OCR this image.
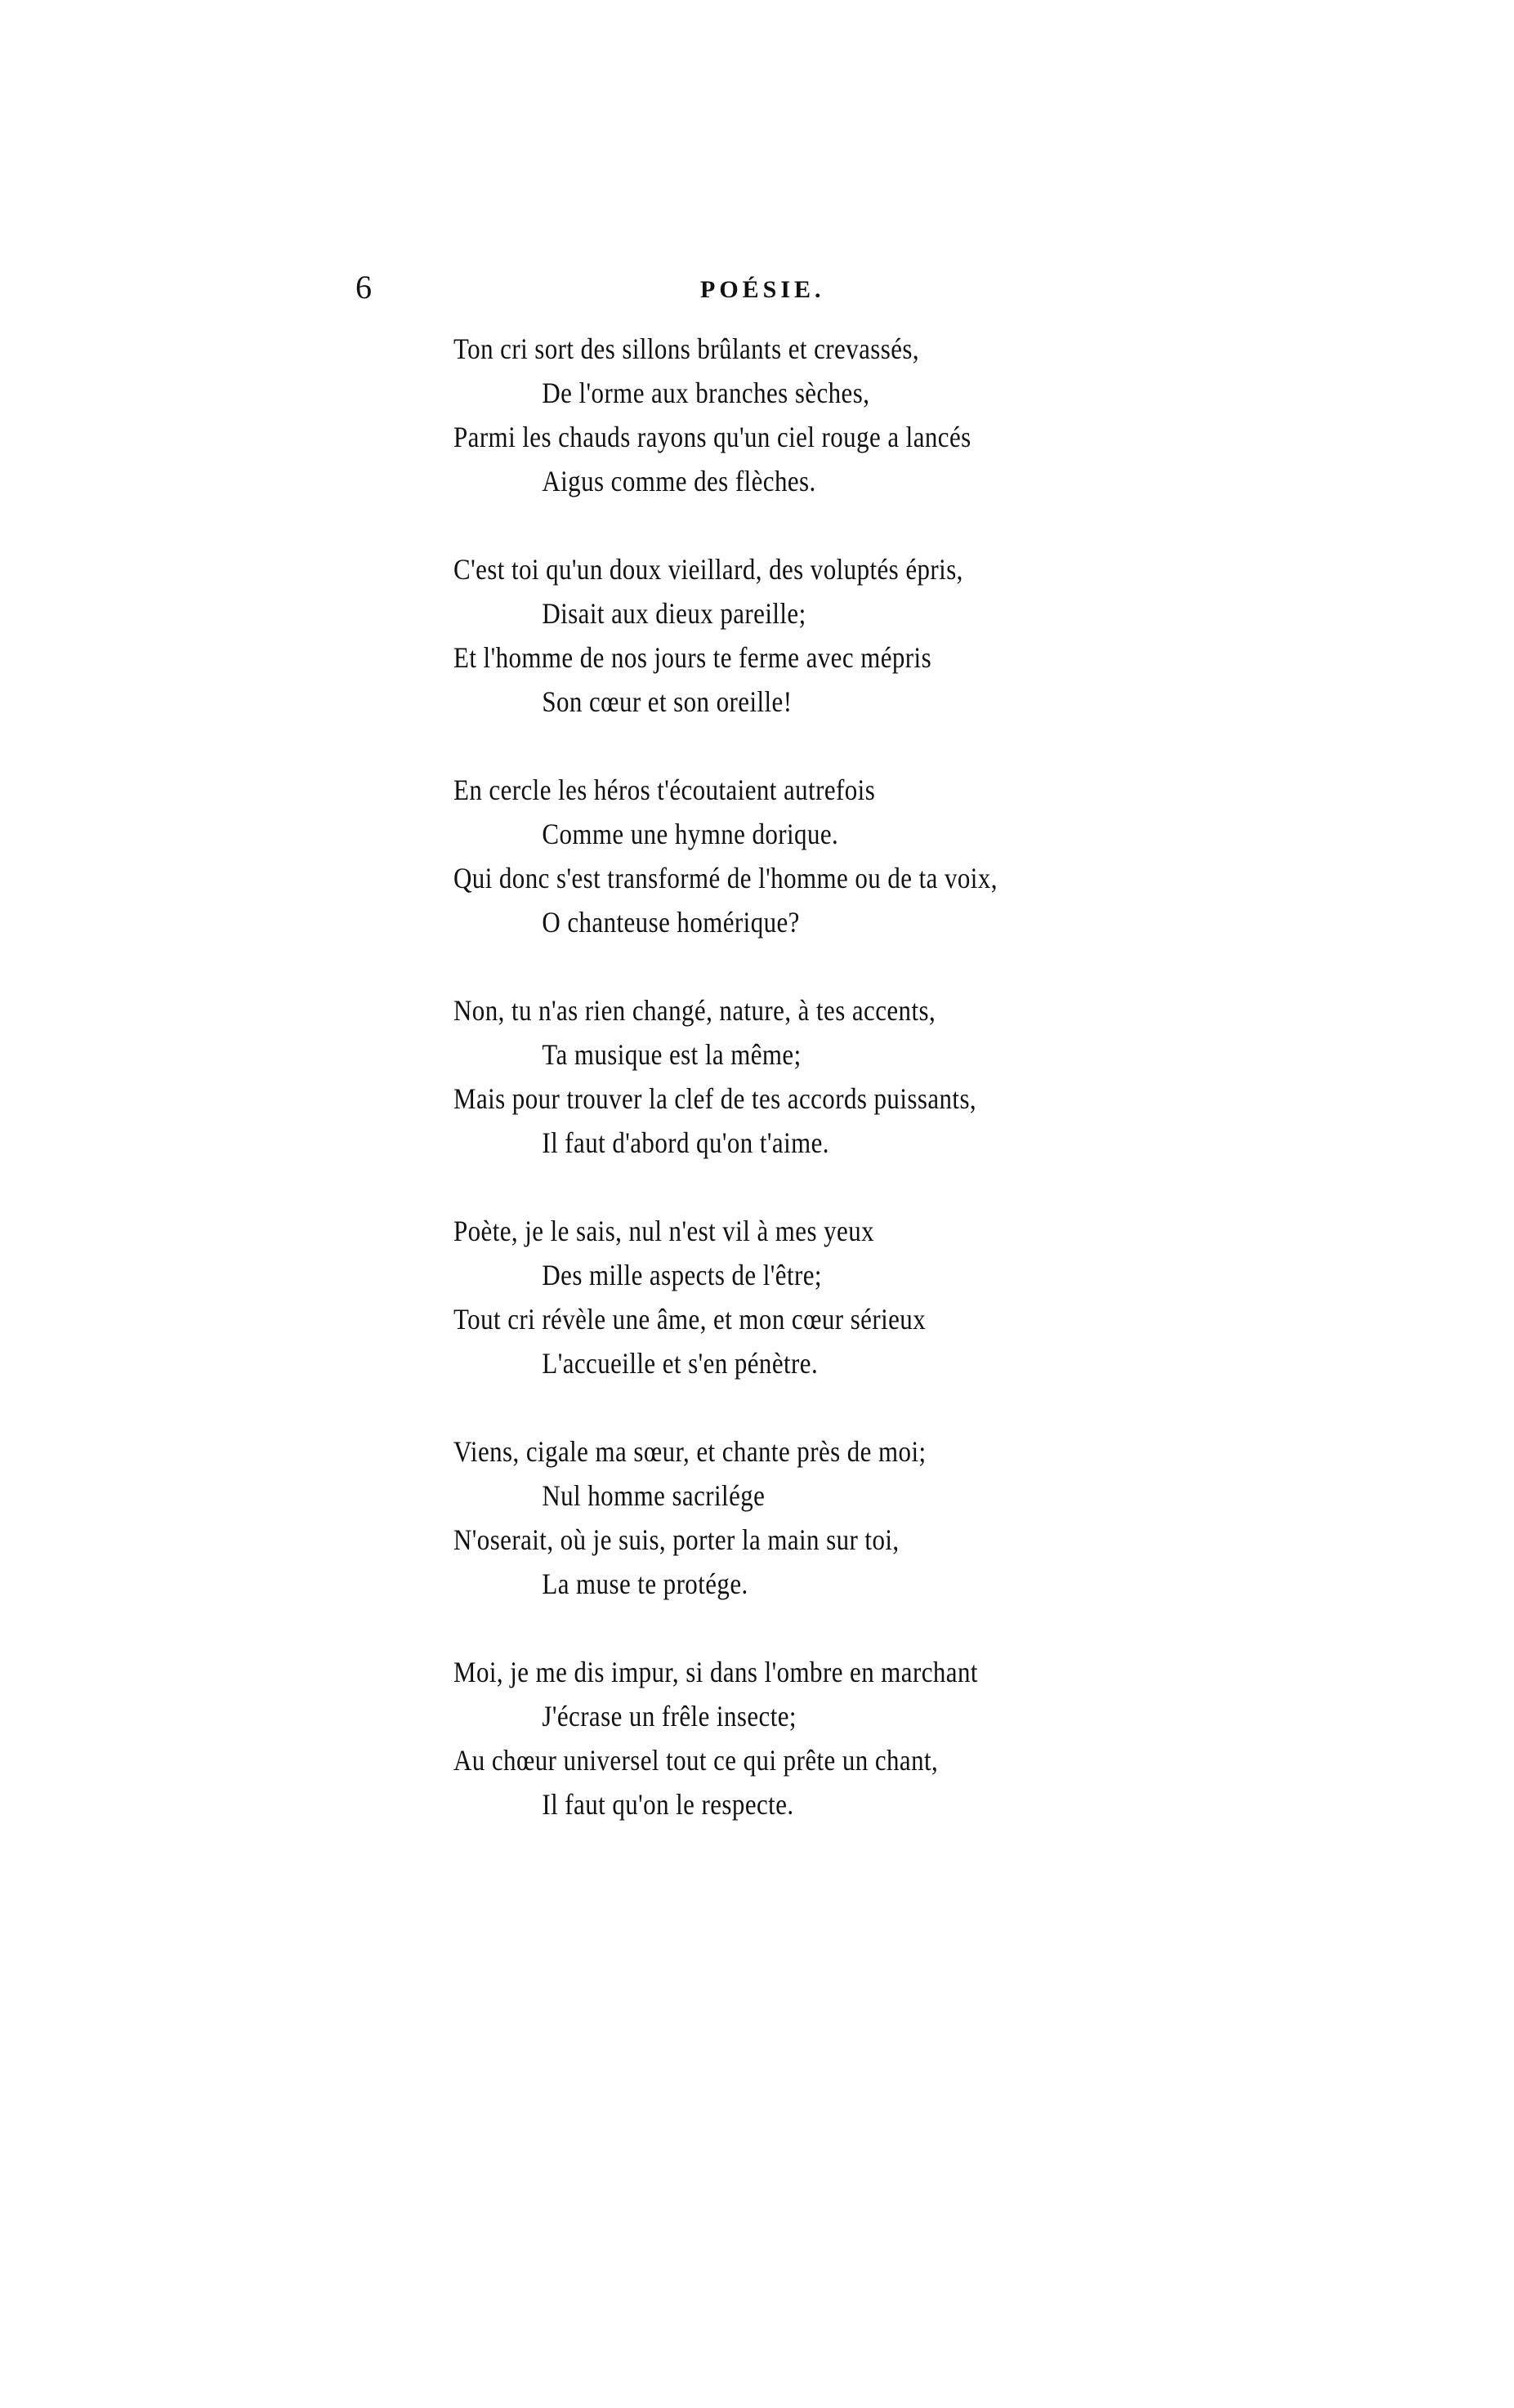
6	POÉSIE.
Ton cri sort des sillons brûlants et crevassés,
De l'orme aux branches sèches,
Parmi les chauds rayons qu'un ciel rouge a lancés
Aigus comme des flèches.
C'est toi qu'un doux vieillard, des voluptés épris,
Disait aux dieux pareille;
Et l'homme de nos jours te ferme avec mépris
Son cœur et son oreille!
En cercle les héros t'écoutaient autrefois
Comme une hymne dorique.
Qui donc s'est transformé de l'homme ou de ta voix,
O chanteuse homérique?
Non, tu n'as rien changé, nature, à tes accents,
Ta musique est la même;
Mais pour trouver la clef de tes accords puissants,
Il faut d'abord qu'on t'aime.
Poète, je le sais, nul n'est vil à mes yeux
Des mille aspects de l'être;
Tout cri révèle une âme, et mon cœur sérieux
L'accueille et s'en pénètre.
Viens, cigale ma sœur, et chante près de moi;
Nul homme sacrilége
N'oserait, où je suis, porter la main sur toi,
La muse te protége.
Moi, je me dis impur, si dans l'ombre en marchant
J'écrase un frêle insecte;
Au chœur universel tout ce qui prête un chant,
Il faut qu'on le respecte.
